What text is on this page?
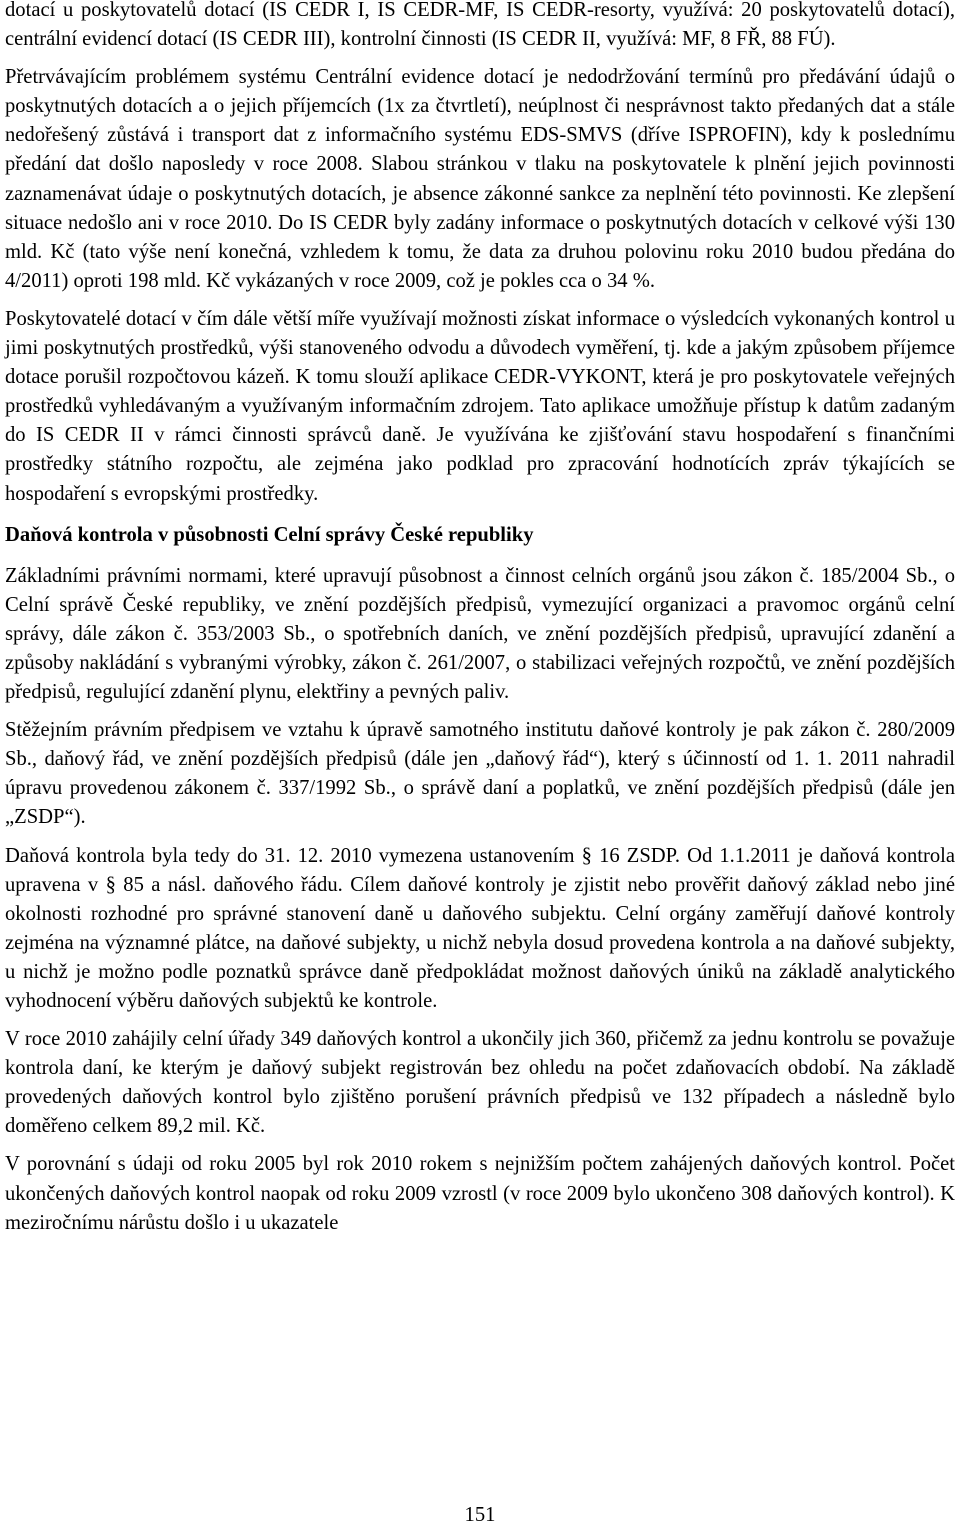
dotací u poskytovatelů dotací (IS CEDR I, IS CEDR-MF, IS CEDR-resorty, využívá: 20 poskytovatelů dotací), centrální evidencí dotací (IS CEDR III), kontrolní činnosti (IS CEDR II, využívá: MF, 8 FŘ, 88 FÚ).

Přetrvávajícím problémem systému Centrální evidence dotací je nedodržování termínů pro předávání údajů o poskytnutých dotacích a o jejich příjemcích (1x za čtvrtletí), neúplnost či nesprávnost takto předaných dat a stále nedořešený zůstává i transport dat z informačního systému EDS-SMVS (dříve ISPROFIN), kdy k poslednímu předání dat došlo naposledy v roce 2008. Slabou stránkou v tlaku na poskytovatele k plnění jejich povinnosti zaznamenávat údaje o poskytnutých dotacích, je absence zákonné sankce za neplnění této povinnosti. Ke zlepšení situace nedošlo ani v roce 2010. Do IS CEDR byly zadány informace o poskytnutých dotacích v celkové výši 130 mld. Kč (tato výše není konečná, vzhledem k tomu, že data za druhou polovinu roku 2010 budou předána do 4/2011) oproti 198 mld. Kč vykázaných v roce 2009, což je pokles cca o 34 %.

Poskytovatelé dotací v čím dále větší míře využívají možnosti získat informace o výsledcích vykonaných kontrol u jimi poskytnutých prostředků, výši stanoveného odvodu a důvodech vyměření, tj. kde a jakým způsobem příjemce dotace porušil rozpočtovou kázeň. K tomu slouží aplikace CEDR-VYKONT, která je pro poskytovatele veřejných prostředků vyhledávaným a využívaným informačním zdrojem. Tato aplikace umožňuje přístup k datům zadaným do IS CEDR II v rámci činnosti správců daně. Je využívána ke zjišťování stavu hospodaření s finančními prostředky státního rozpočtu, ale zejména jako podklad pro zpracování hodnotících zpráv týkajících se hospodaření s evropskými prostředky.

Daňová kontrola v působnosti Celní správy České republiky

Základními právními normami, které upravují působnost a činnost celních orgánů jsou zákon č. 185/2004 Sb., o Celní správě České republiky, ve znění pozdějších předpisů, vymezující organizaci a pravomoc orgánů celní správy, dále zákon č. 353/2003 Sb., o spotřebních daních, ve znění pozdějších předpisů, upravující zdanění a způsoby nakládání s vybranými výrobky, zákon č. 261/2007, o stabilizaci veřejných rozpočtů, ve znění pozdějších předpisů, regulující zdanění plynu, elektřiny a pevných paliv.

Stěžejním právním předpisem ve vztahu k úpravě samotného institutu daňové kontroly je pak zákon č. 280/2009 Sb., daňový řád, ve znění pozdějších předpisů (dále jen „daňový řád“), který s účinností od 1. 1. 2011 nahradil úpravu provedenou zákonem č. 337/1992 Sb., o správě daní a poplatků, ve znění pozdějších předpisů (dále jen „ZSDP“).

Daňová kontrola byla tedy do 31. 12. 2010 vymezena ustanovením § 16 ZSDP. Od 1.1.2011 je daňová kontrola upravena v § 85 a násl. daňového řádu. Cílem daňové kontroly je zjistit nebo prověřit daňový základ nebo jiné okolnosti rozhodné pro správné stanovení daně u daňového subjektu. Celní orgány zaměřují daňové kontroly zejména na významné plátce, na daňové subjekty, u nichž nebyla dosud provedena kontrola a na daňové subjekty, u nichž je možno podle poznatků správce daně předpokládat možnost daňových úniků na základě analytického vyhodnocení výběru daňových subjektů ke kontrole.

V roce 2010 zahájily celní úřady 349 daňových kontrol a ukončily jich 360, přičemž za jednu kontrolu se považuje kontrola daní, ke kterým je daňový subjekt registrován bez ohledu na počet zdaňovacích období. Na základě provedených daňových kontrol bylo zjištěno porušení právních předpisů ve 132 případech a následně bylo doměřeno celkem 89,2 mil. Kč.

V porovnání s údaji od roku 2005 byl rok 2010 rokem s nejnižším počtem zahájených daňových kontrol. Počet ukončených daňových kontrol naopak od roku 2009 vzrostl (v roce 2009 bylo ukončeno 308 daňových kontrol). K meziročnímu nárůstu došlo i u ukazatele

151
